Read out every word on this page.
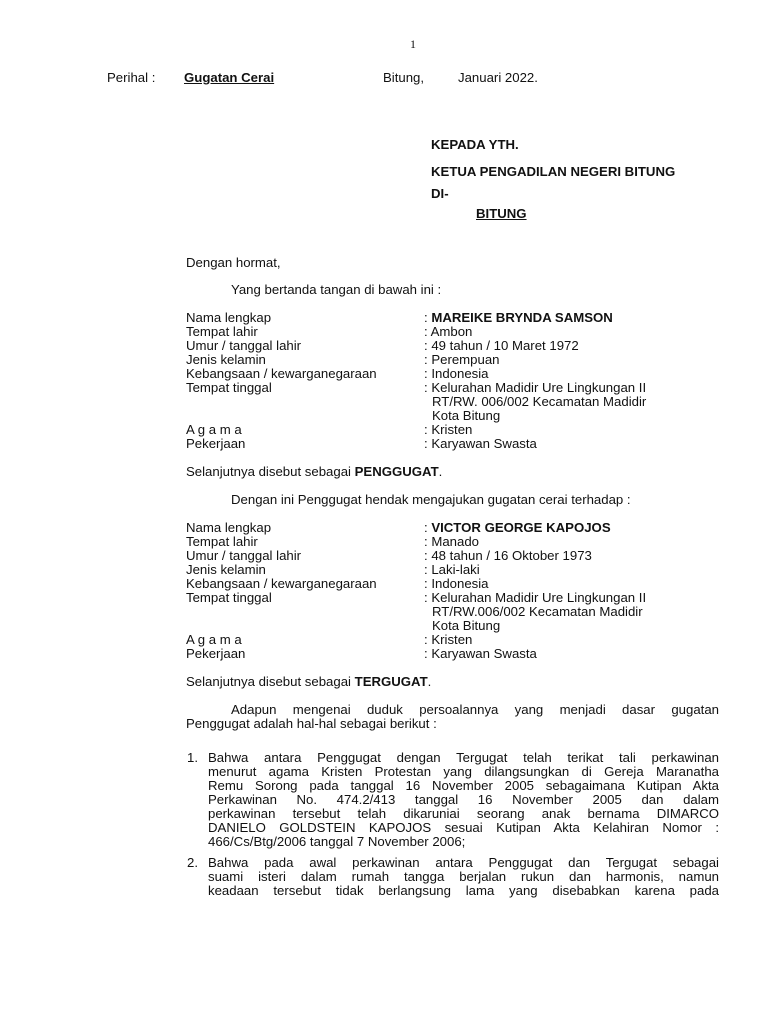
1
Perihal : Gugatan Cerai	Bitung,	Januari 2022.
KEPADA YTH.
KETUA PENGADILAN NEGERI BITUNG
DI-
BITUNG
Dengan hormat,
Yang bertanda tangan di bawah ini :
Nama lengkap	: MAREIKE BRYNDA SAMSON
Tempat lahir	: Ambon
Umur / tanggal lahir	: 49 tahun / 10 Maret 1972
Jenis kelamin	: Perempuan
Kebangsaan / kewarganegaraan	: Indonesia
Tempat tinggal	: Kelurahan Madidir Ure Lingkungan II
RT/RW. 006/002 Kecamatan Madidir
Kota Bitung
A g a m a	: Kristen
Pekerjaan	: Karyawan Swasta
Selanjutnya disebut sebagai PENGGUGAT.
Dengan ini Penggugat hendak mengajukan gugatan cerai terhadap :
Nama lengkap	: VICTOR GEORGE KAPOJOS
Tempat lahir	: Manado
Umur / tanggal lahir	: 48 tahun / 16 Oktober 1973
Jenis kelamin	: Laki-laki
Kebangsaan / kewarganegaraan	: Indonesia
Tempat tinggal	: Kelurahan Madidir Ure Lingkungan II
RT/RW.006/002 Kecamatan Madidir
Kota Bitung
A g a m a	: Kristen
Pekerjaan	: Karyawan Swasta
Selanjutnya disebut sebagai TERGUGAT.
Adapun mengenai duduk persoalannya yang menjadi dasar gugatan
Penggugat adalah hal-hal sebagai berikut :
1. Bahwa antara Penggugat dengan Tergugat telah terikat tali perkawinan
menurut agama Kristen Protestan yang dilangsungkan di Gereja Maranatha
Remu Sorong pada tanggal 16 November 2005 sebagaimana Kutipan Akta
Perkawinan No. 474.2/413 tanggal 16 November 2005 dan dalam
perkawinan tersebut telah dikaruniai seorang anak bernama DIMARCO
DANIELO GOLDSTEIN KAPOJOS sesuai Kutipan Akta Kelahiran Nomor :
466/Cs/Btg/2006 tanggal 7 November 2006;
2. Bahwa pada awal perkawinan antara Penggugat dan Tergugat sebagai
suami isteri dalam rumah tangga berjalan rukun dan harmonis, namun
keadaan tersebut tidak berlangsung lama yang disebabkan karena pada
